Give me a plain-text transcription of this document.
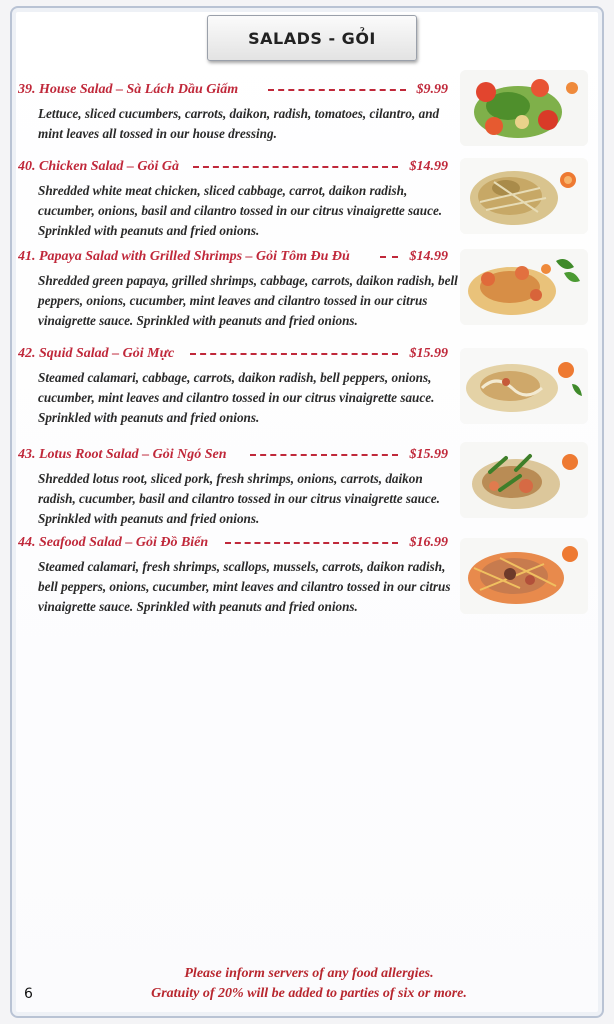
SALADS - GỎI
39. House Salad – Sà Lách Dầu Giấm	$9.99
Lettuce, sliced cucumbers, carrots, daikon, radish, tomatoes, cilantro, and mint leaves all tossed in our house dressing.
40. Chicken Salad – Gỏi Gà	$14.99
Shredded white meat chicken, sliced cabbage, carrot, daikon radish, cucumber, onions, basil and cilantro tossed in our citrus vinaigrette sauce. Sprinkled with peanuts and fried onions.
41. Papaya Salad with Grilled Shrimps – Gỏi Tôm Đu Đủ	$14.99
Shredded green papaya, grilled shrimps, cabbage, carrots, daikon radish, bell peppers, onions, cucumber, mint leaves and cilantro tossed in our citrus vinaigrette sauce. Sprinkled with peanuts and fried onions.
42. Squid Salad – Gỏi Mực	$15.99
Steamed calamari, cabbage, carrots, daikon radish, bell peppers, onions, cucumber, mint leaves and cilantro tossed in our citrus vinaigrette sauce. Sprinkled with peanuts and fried onions.
43. Lotus Root Salad – Gỏi Ngó Sen	$15.99
Shredded lotus root, sliced pork, fresh shrimps, onions, carrots, daikon radish, cucumber, basil and cilantro tossed in our citrus vinaigrette sauce. Sprinkled with peanuts and fried onions.
44. Seafood Salad – Gỏi Đồ Biển	$16.99
Steamed calamari, fresh shrimps, scallops, mussels, carrots, daikon radish, bell peppers, onions, cucumber, mint leaves and cilantro tossed in our citrus vinaigrette sauce. Sprinkled with peanuts and fried onions.
Please inform servers of any food allergies.
Gratuity of 20% will be added to parties of six or more.
6
